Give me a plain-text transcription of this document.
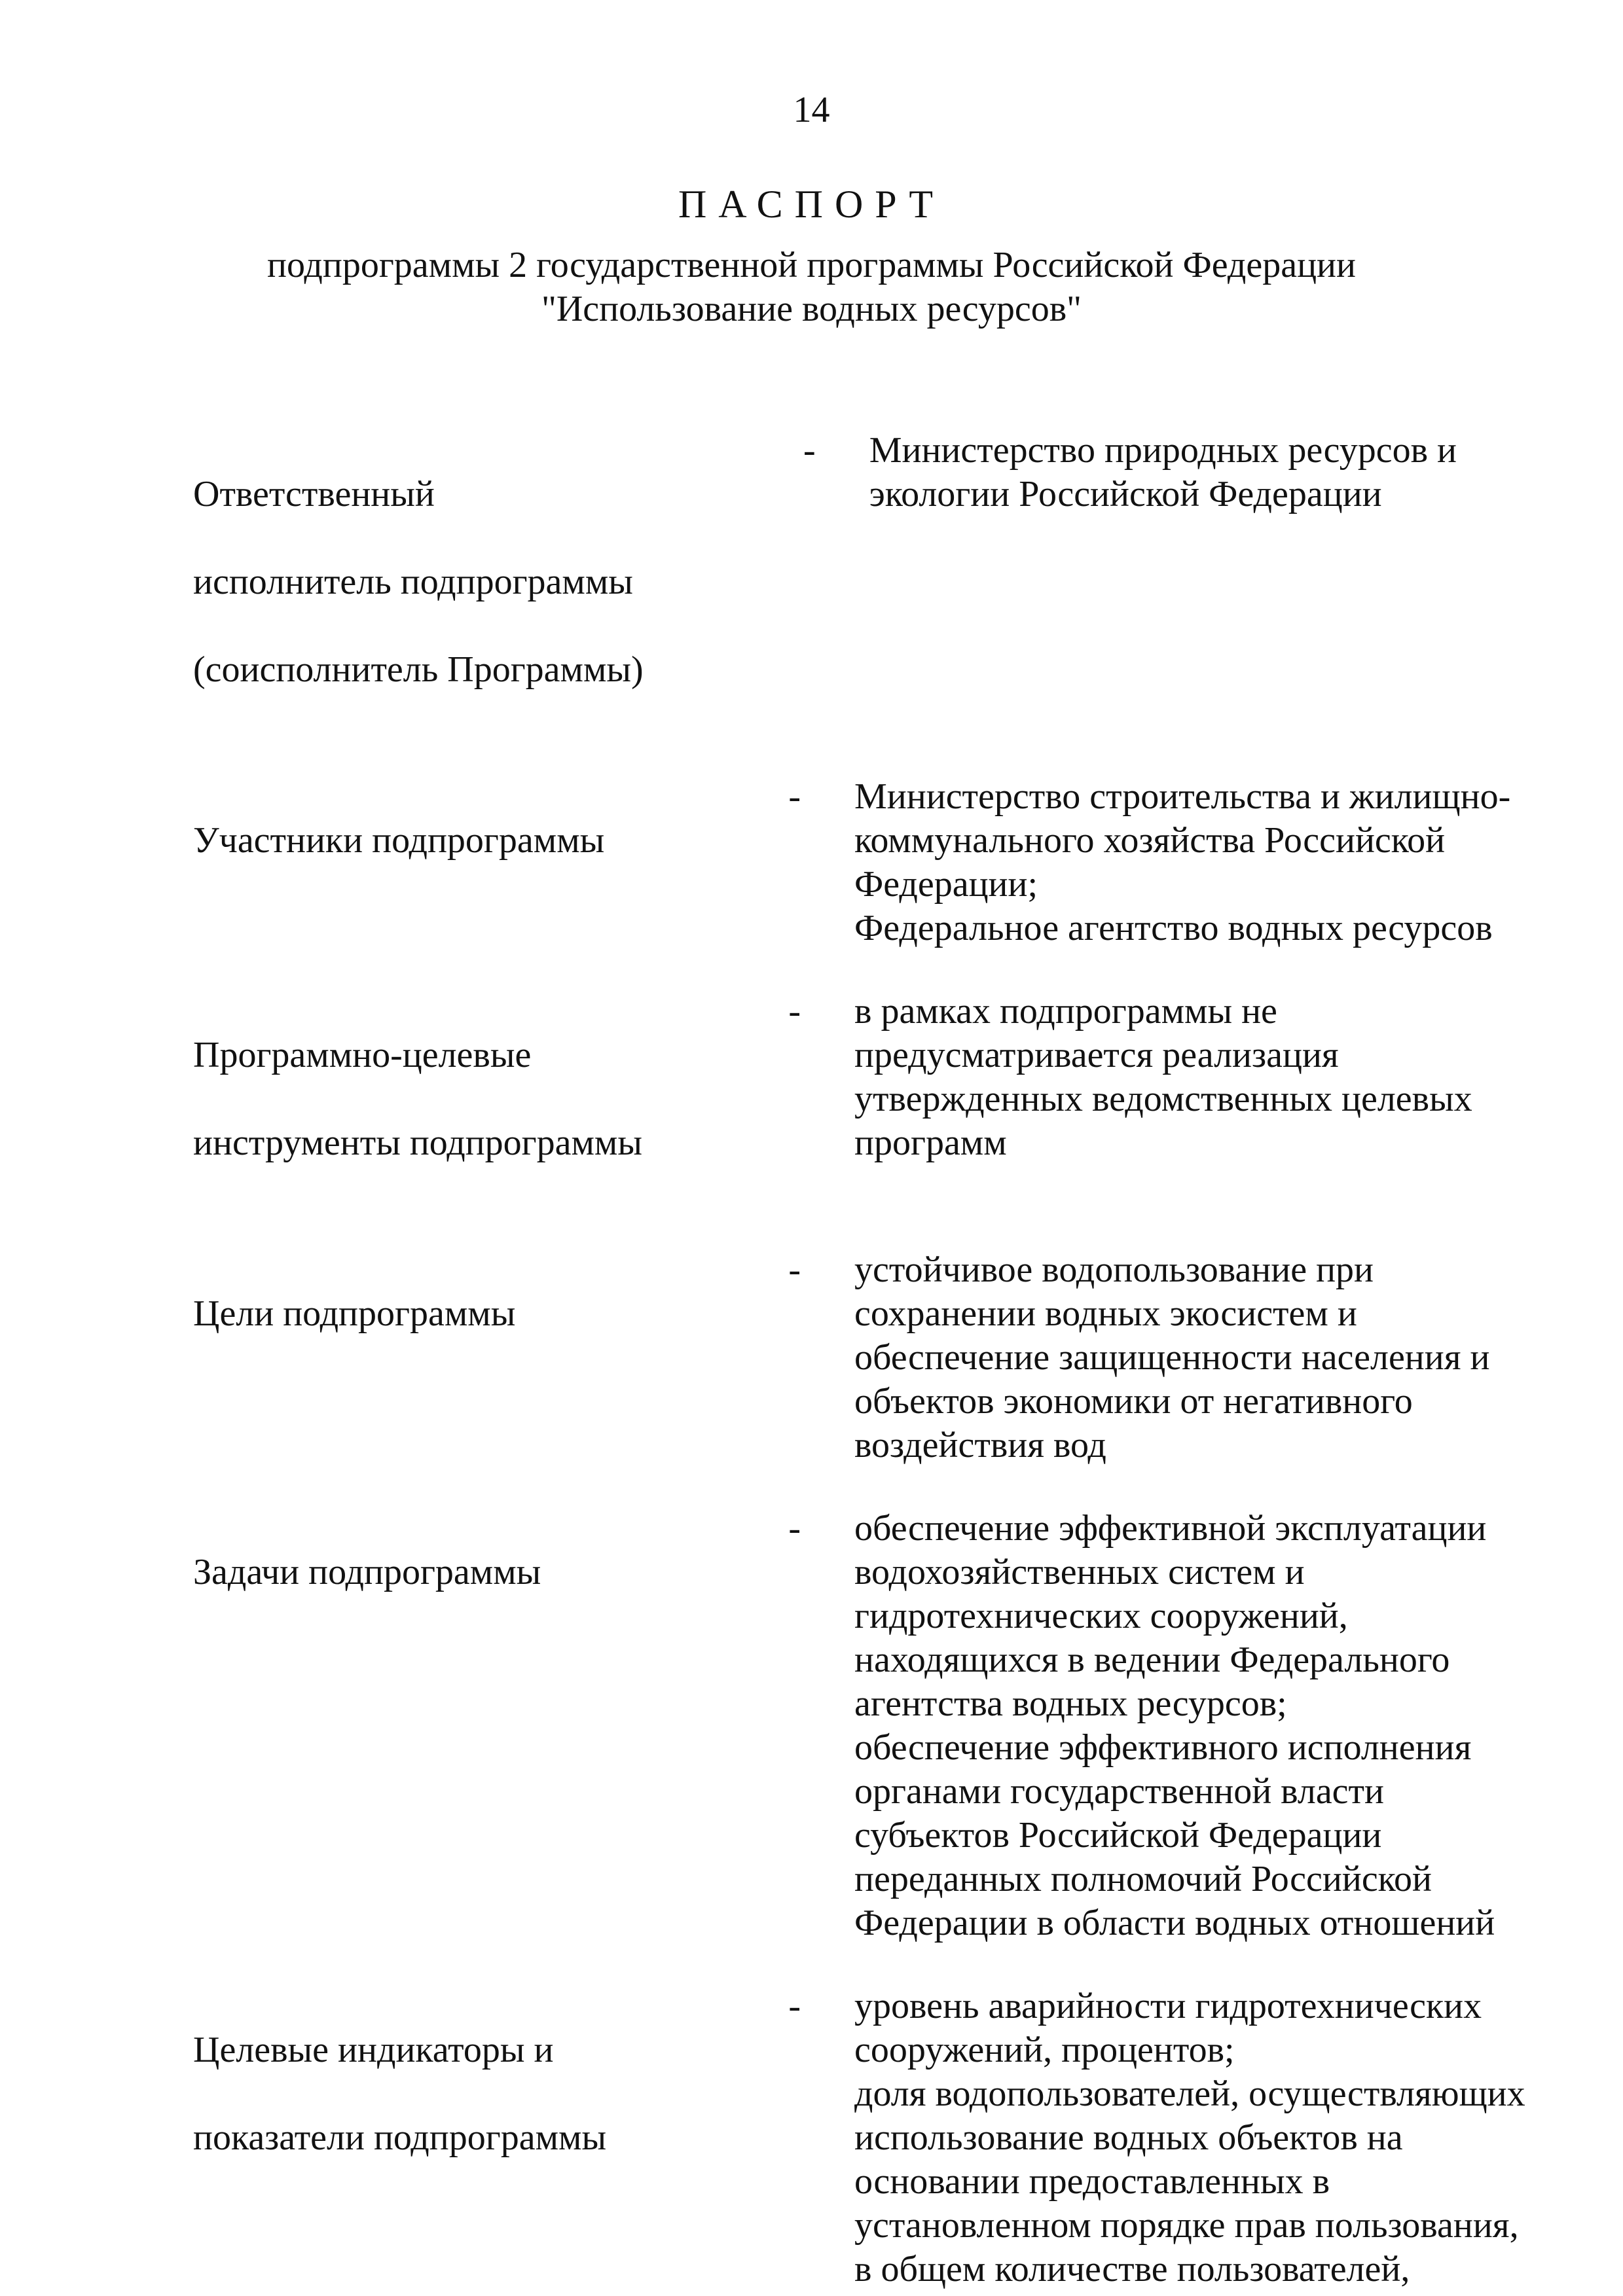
14
ПАСПОРТ
подпрограммы 2 государственной программы Российской Федерации
"Использование водных ресурсов"

Ответственный

исполнитель подпрограммы

(соисполнитель Программы)

-	Министерство природных ресурсов и
экологии Российской Федерации

Участники подпрограммы

-	Министерство строительства и жилищно-
коммунального хозяйства Российской
Федерации;
Федеральное агентство водных ресурсов

Программно-целевые

инструменты подпрограммы

-	в рамках подпрограммы не
предусматривается реализация
утвержденных ведомственных целевых
программ

Цели подпрограммы

-	устойчивое водопользование при
сохранении водных экосистем и
обеспечение защищенности населения и
объектов экономики от негативного
воздействия вод

Задачи подпрограммы

-	обеспечение эффективной эксплуатации
водохозяйственных систем и
гидротехнических сооружений,
находящихся в ведении Федерального
агентства водных ресурсов;
обеспечение эффективного исполнения
органами государственной власти
субъектов Российской Федерации
переданных полномочий Российской
Федерации в области водных отношений

Целевые индикаторы и

показатели подпрограммы

-	уровень аварийности гидротехнических
сооружений, процентов;
доля водопользователей, осуществляющих
использование водных объектов на
основании предоставленных в
установленном порядке прав пользования,
в общем количестве пользователей,
